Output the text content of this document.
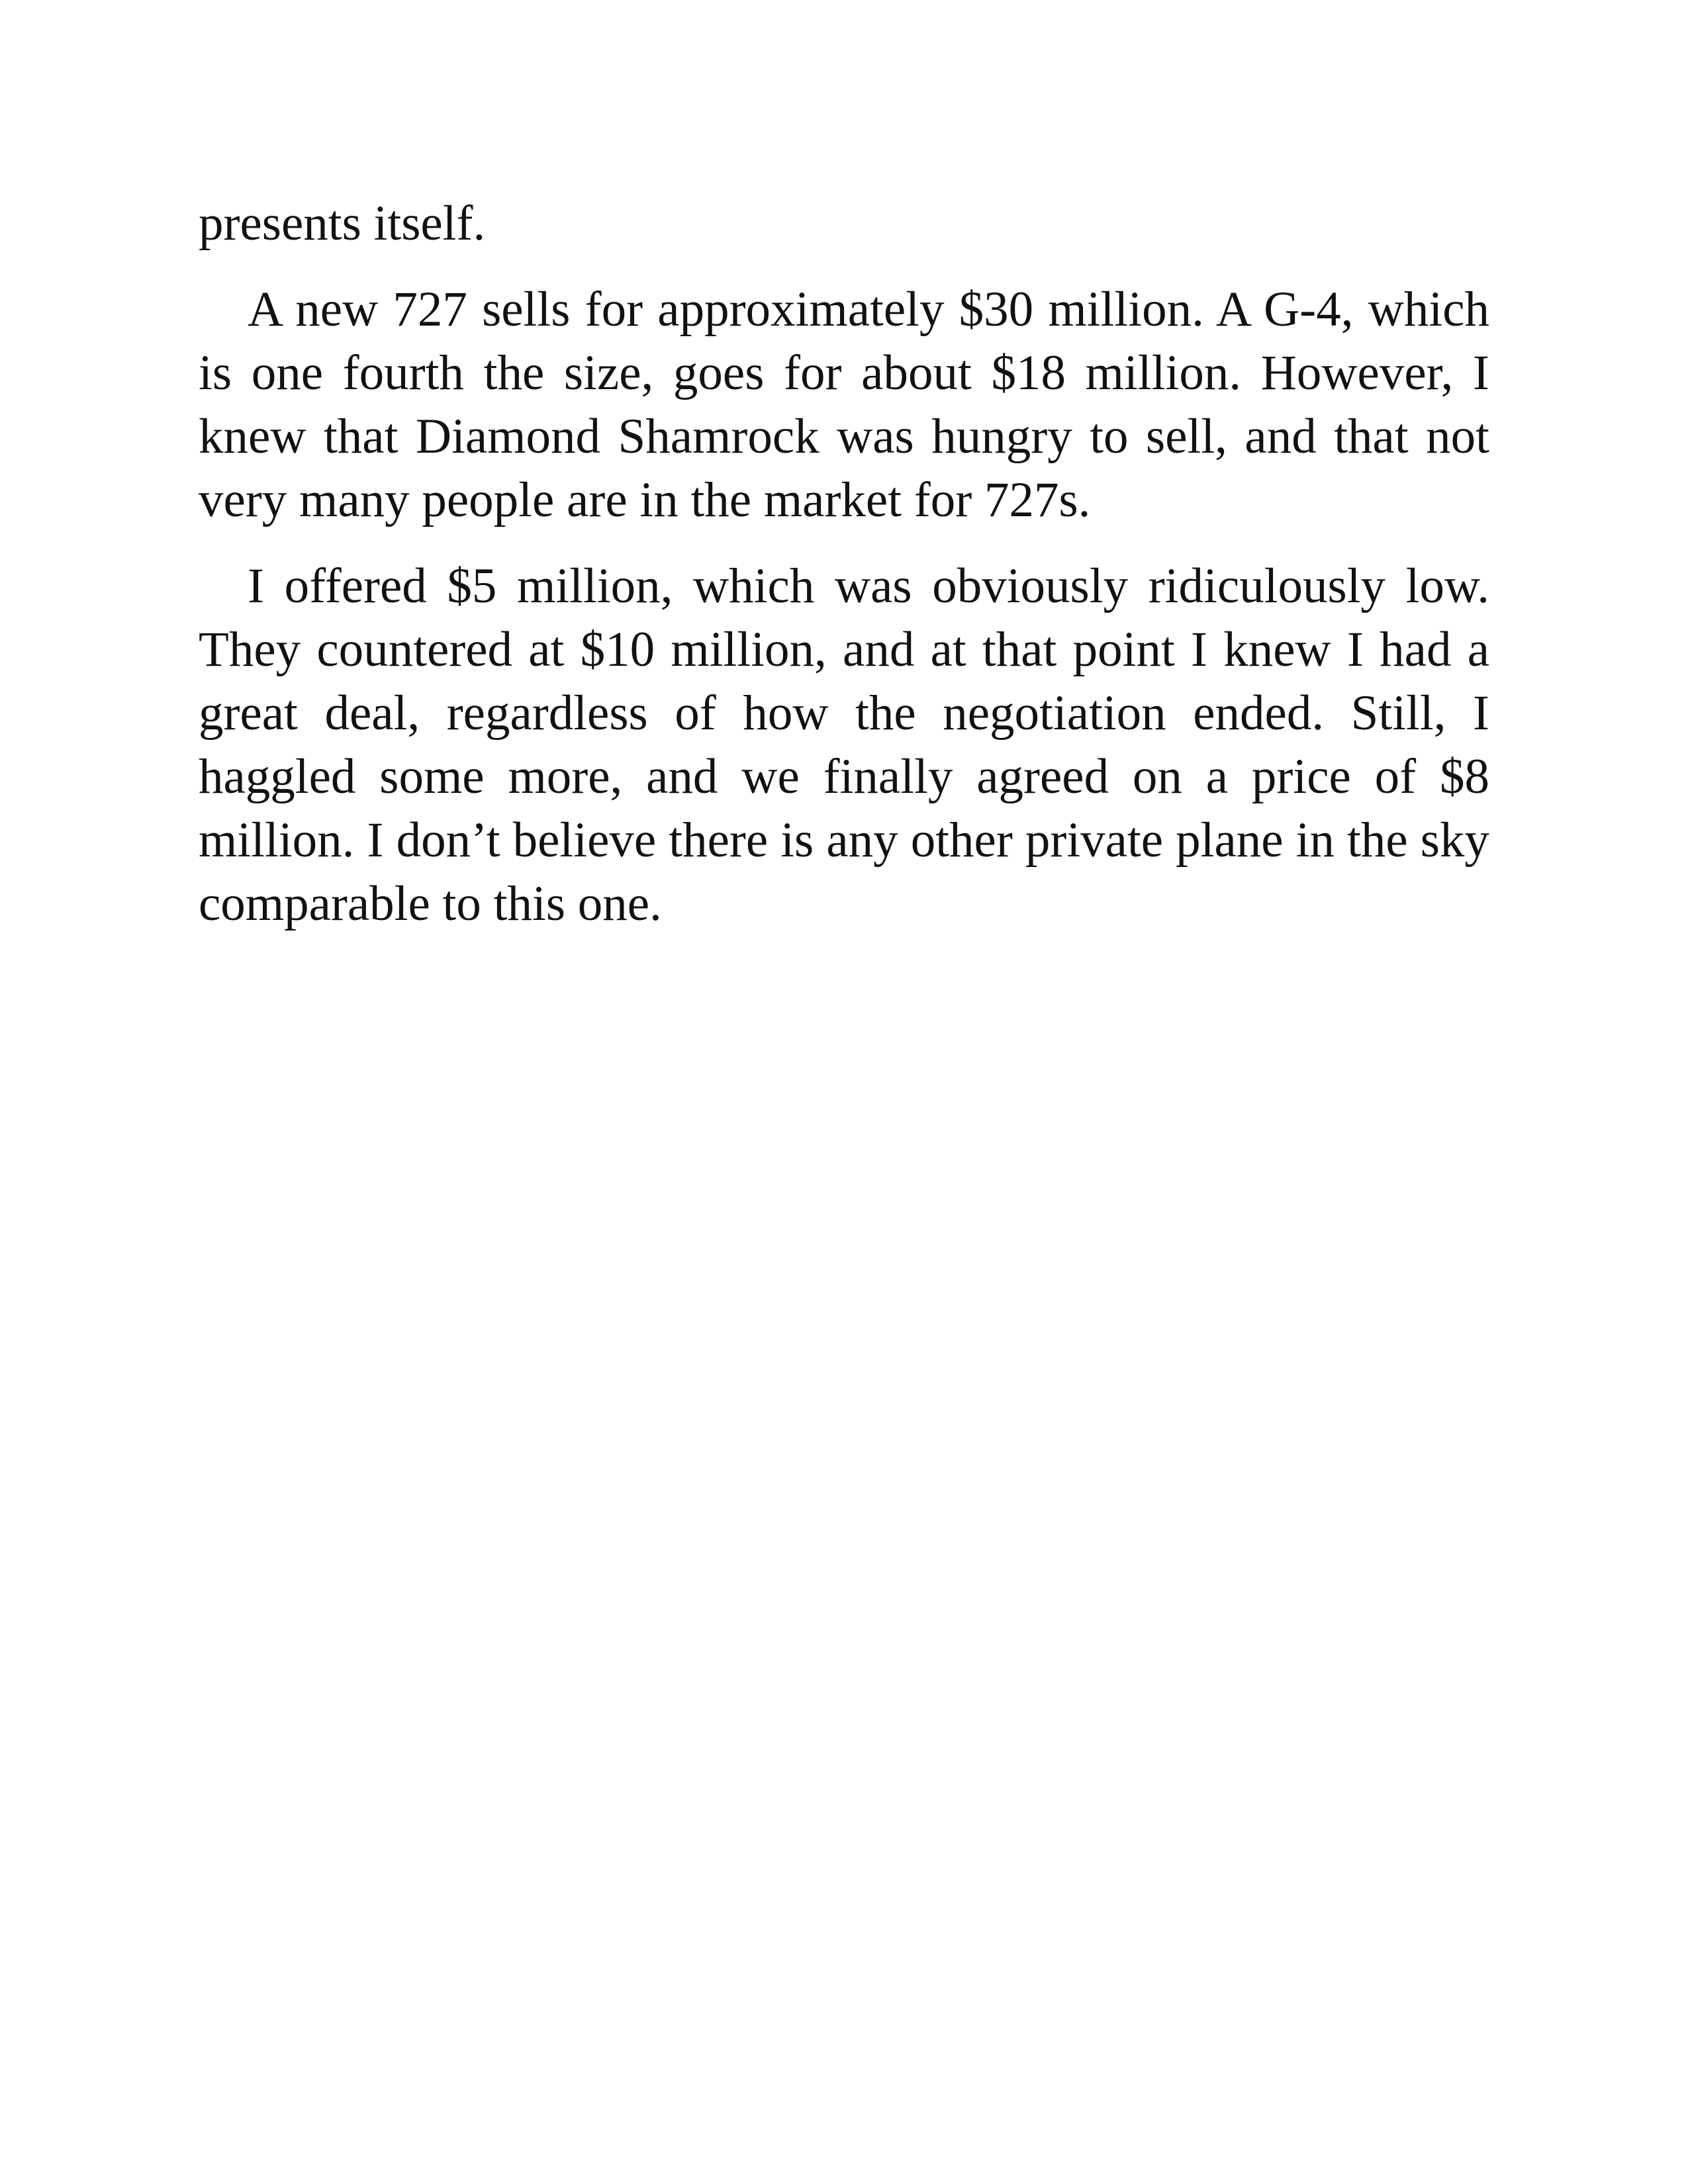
presents itself.

A new 727 sells for approximately $30 million. A G-4, which is one fourth the size, goes for about $18 million. However, I knew that Diamond Shamrock was hungry to sell, and that not very many people are in the market for 727s.

I offered $5 million, which was obviously ridiculously low. They countered at $10 million, and at that point I knew I had a great deal, regardless of how the negotiation ended. Still, I haggled some more, and we finally agreed on a price of $8 million. I don’t believe there is any other private plane in the sky comparable to this one.
